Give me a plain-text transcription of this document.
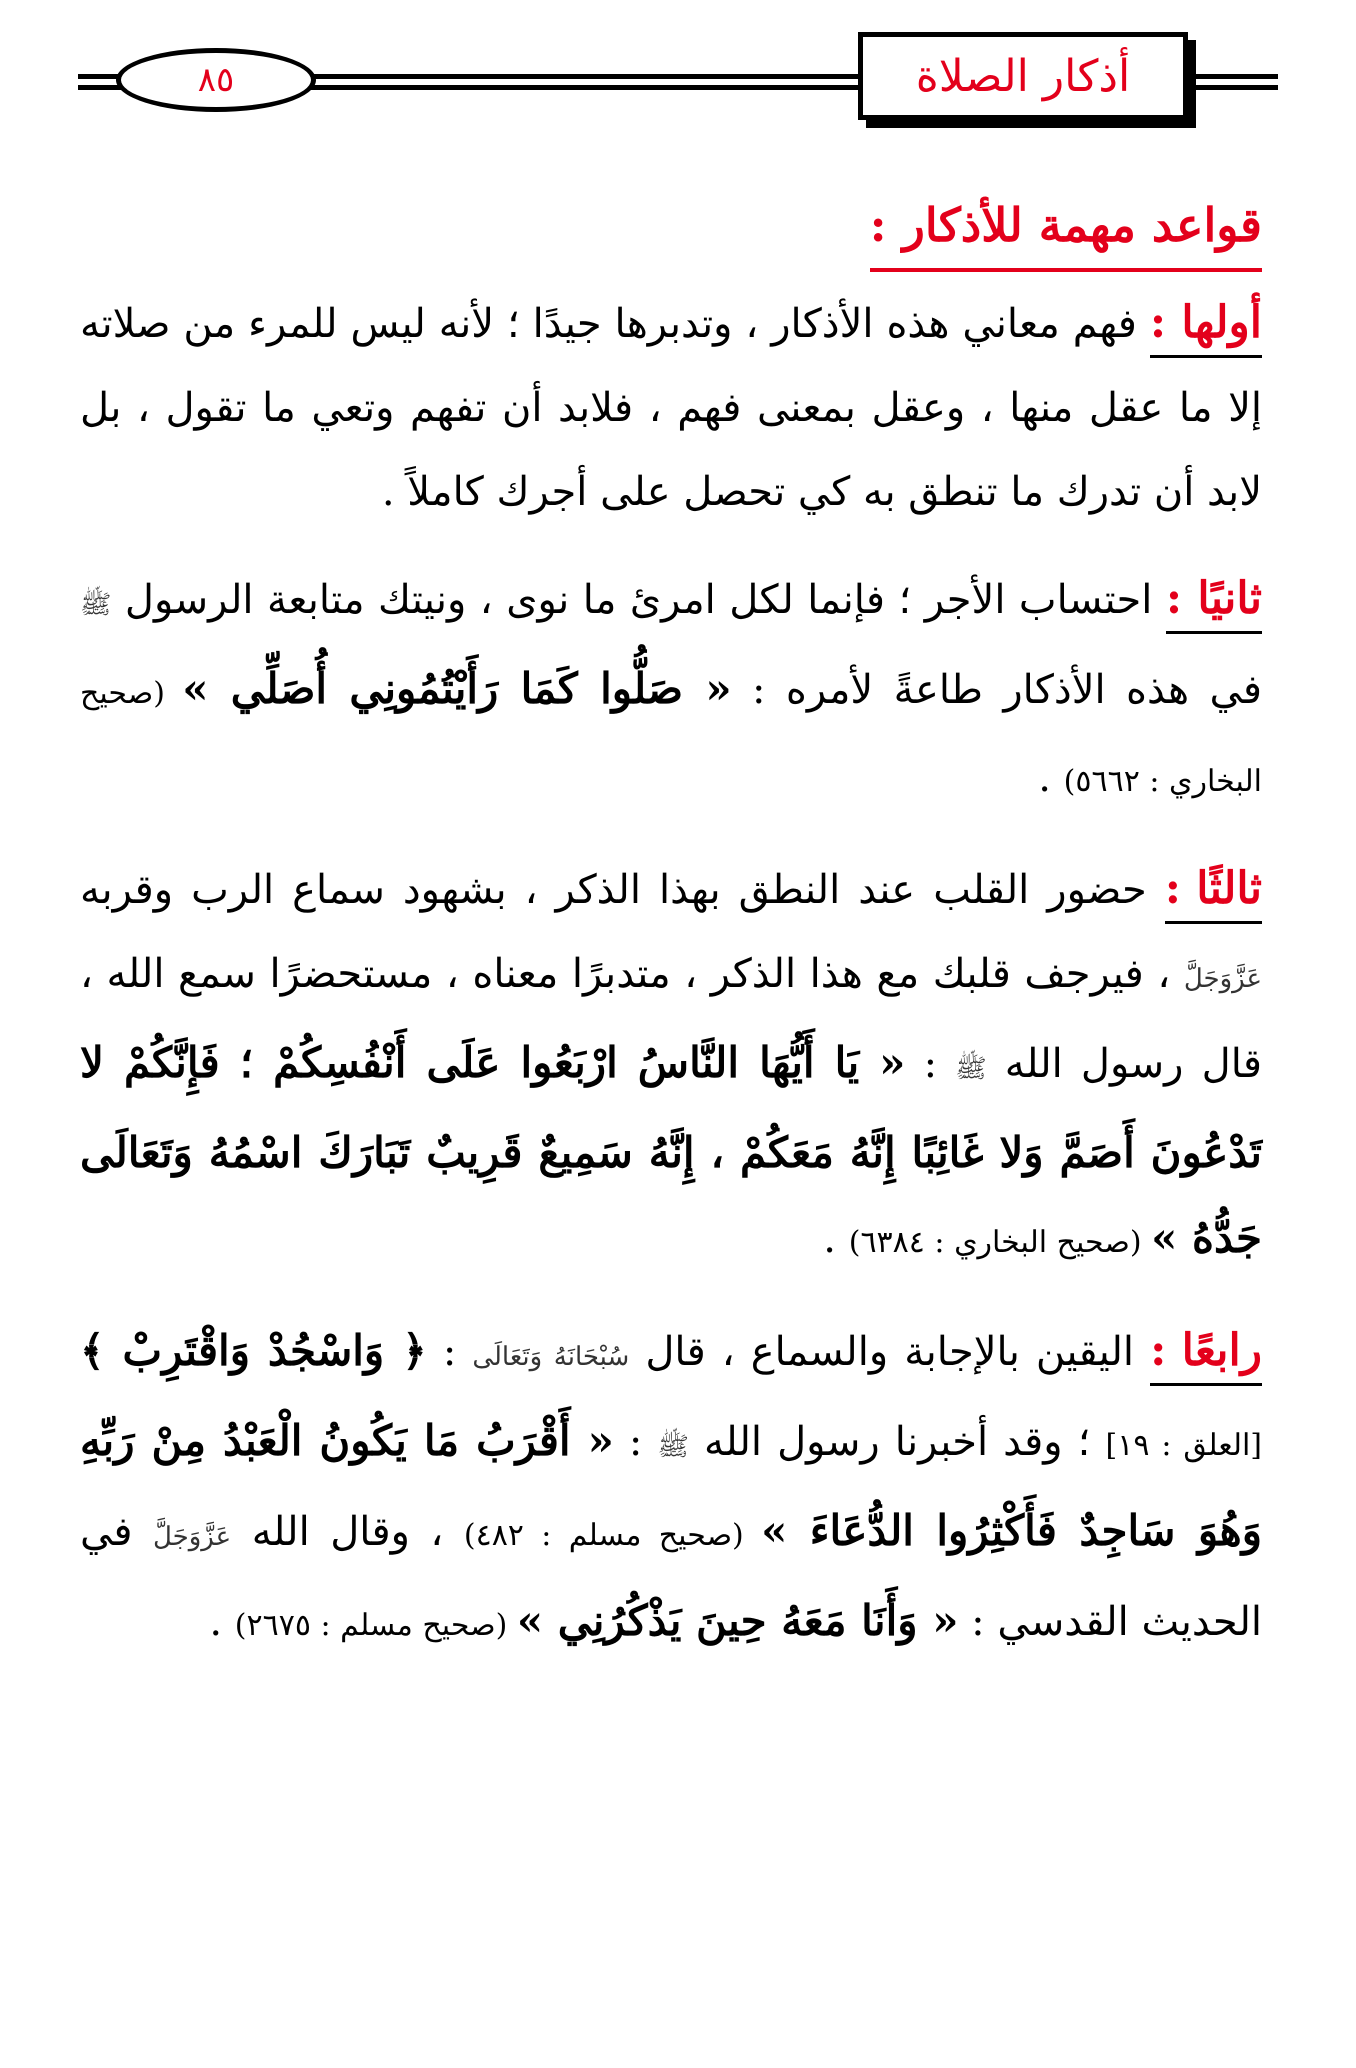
٨٥	أذكار الصلاة
قواعد مهمة للأذكار :

أولها : فهم معاني هذه الأذكار ، وتدبرها جيدًا ؛ لأنه ليس للمرء من صلاته إلا ما عقل منها ، وعقل بمعنى فهم ، فلابد أن تفهم وتعي ما تقول ، بل لابد أن تدرك ما تنطق به كي تحصل على أجرك كاملاً .

ثانيًا : احتساب الأجر ؛ فإنما لكل امرئ ما نوى ، ونيتك متابعة الرسول ﷺ في هذه الأذكار طاعةً لأمره : « صَلُّوا كَمَا رَأَيْتُمُونِي أُصَلِّي » (صحيح البخاري : ٥٦٦٢) .

ثالثًا : حضور القلب عند النطق بهذا الذكر ، بشهود سماع الرب وقربه عَزَّوَجَلَّ ، فيرجف قلبك مع هذا الذكر ، متدبرًا معناه ، مستحضرًا سمع الله ، قال رسول الله ﷺ : « يَا أَيُّهَا النَّاسُ ارْبَعُوا عَلَى أَنْفُسِكُمْ ؛ فَإِنَّكُمْ لا تَدْعُونَ أَصَمَّ وَلا غَائِبًا إِنَّهُ مَعَكُمْ ، إِنَّهُ سَمِيعٌ قَرِيبٌ تَبَارَكَ اسْمُهُ وَتَعَالَى جَدُّهُ » (صحيح البخاري : ٦٣٨٤) .

رابعًا : اليقين بالإجابة والسماع ، قال سُبْحَانَهُ وَتَعَالَى : ﴿ وَاسْجُدْ وَاقْتَرِبْ ﴾ [العلق : ١٩] ؛ وقد أخبرنا رسول الله ﷺ : « أَقْرَبُ مَا يَكُونُ الْعَبْدُ مِنْ رَبِّهِ وَهُوَ سَاجِدٌ فَأَكْثِرُوا الدُّعَاءَ » (صحيح مسلم : ٤٨٢) ، وقال الله عَزَّوَجَلَّ في الحديث القدسي : « وَأَنَا مَعَهُ حِينَ يَذْكُرُنِي » (صحيح مسلم : ٢٦٧٥) .
